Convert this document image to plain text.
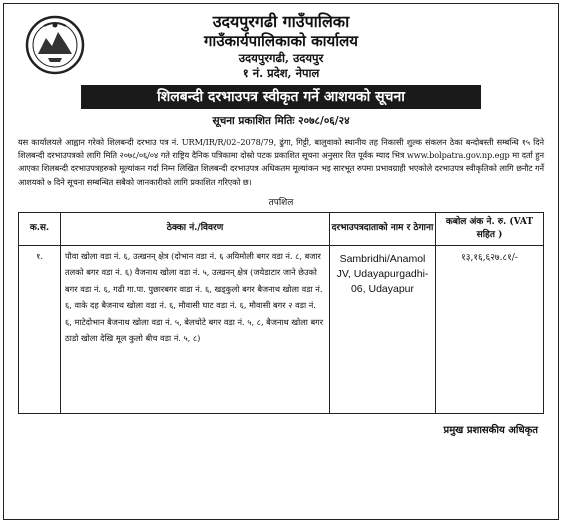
उदयपुरगढी गाउँपालिका
गाउँकार्यपालिकाको कार्यालय
उदयपुरगढी, उदयपुर
१ नं. प्रदेश, नेपाल
शिलबन्दी दरभाउपत्र स्वीकृत गर्ने आशयको सूचना
सूचना प्रकाशित मितिः २०७८/०६/२४

यस कार्यालयले आह्वान गरेको शिलबन्दी दरभाउ पत्र नं. URM/IR/R/02–2078/79, ढुंगा, गिट्टी, बालुवाको स्थानीय तह निकासी शुल्क संकलन ठेका बन्दोबस्ती सम्बन्धि १५ दिने शिलबन्दी दरभाउपत्रको लागि मिति २०७८/०६/०४ गते राष्ट्रिय दैनिक पत्रिकामा दोस्रो पटक प्रकाशित सूचना अनुसार रित पूर्वक म्याद भित्र www.bolpatra.gov.np.egp मा दर्ता हुन आएका शिलबन्दी दरभाउपत्रहरुको मूल्यांकन गर्दा निम्न लिखित शिलबन्दी दरभाउपत्र अधिकतम मूल्यांकन भइ सारभूत रुपमा प्रभावग्राही भएकोले दरभाउपत्र स्वीकृतिको लागि छनौट गर्ने आशयको ७ दिने सूचना सम्बन्धित सबैको जानकारीको लागि प्रकाशित गरिएको छ।

तपशिल
क.स.	ठेक्का नं./विवरण	दरभाउपत्रदाताको नाम र ठेगाना	कबोल अंक ने. रु. (VAT सहित )
१.	पौवा खोला वडा नं. ६, उत्खनन् क्षेत्र (दोभान वडा नं. ६ अयिमोली बगर वडा नं. ८, बजार तलको बगर वडा नं. ६) वैजनाथ खोला वडा नं. ५, उत्खनन् क्षेत्र (जयेडाटार जाने छेउको बगर वडा नं. ६, गढी गा.पा. पुछारबगर वाडा नं. ६, खड्कुलो बगर बैजनाथ खोला वडा नं. ६, वाके दह बैजनाथ खोला वडा नं. ६, मौवासी घाट वडा नं. ६, मौवासी बगर २ वडा नं. ६, माटेदोभान बैजनाथ खोला वडा नं. ५, बेलचोटे बगर वडा नं. ५, ८, बैजनाथ खोला बगर ठाडो खोला देखि मूल कुलो बीच वडा नं. ५, ८)	Sambridhi/Anamol JV, Udayapurgadhi-06, Udayapur	१३,१६,६२७.८१/-
प्रमुख प्रशासकीय अधिकृत
